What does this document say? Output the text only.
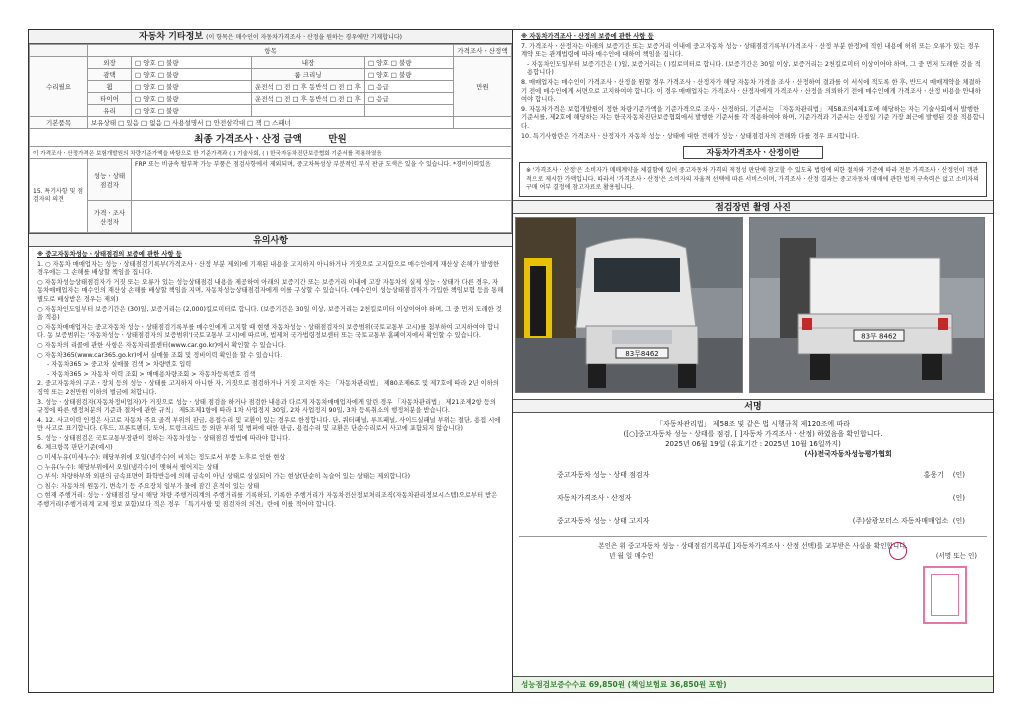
자동차 기타정보 (이 항목은 매수인이 자동차가격조사ㆍ산정을 원하는 경우에만 기재합니다)
	항목				가격조사ㆍ산정액
수리필요	외장	□ 양호 □ 불량	내장	□ 양호 □ 불량	만원
	광택	□ 양호 □ 불량	룸 크리닝	□ 양호 □ 불량	
	휠	□ 양호 □ 불량	운전석 □ 전 □ 후 동반석 □ 전 □ 후	□ 응급	
	타이어	□ 양호 □ 불량	운전석 □ 전 □ 후 동반석 □ 전 □ 후	□ 응급	
	유리	□ 양호 □ 불량			
기본품목	보유상태 □ 있음 □ 없음 □ 사용설명서 □ 안전삼각대 □ 잭 □ 스패너				
최종 가격조사ㆍ산정 금액 만원					
이 가격조사ㆍ산정가격은 보험개발원의 차량기준가액을 바탕으로 한 기준가격과 ( ) 기술사회, ( ) 한국자동차진단보증협회 기준서를 적용하였음					
15. 특기사항 및 점검자의 의견	성능ㆍ상태 점검자	FRP 또는 비금속 탑부착 가능 부품은 점검사항에서 제외되며, 중고차특성상 부분적인 부식 판금 도색은 있을 수 있습니다. *경비이력있음			
	가격ㆍ조사 산정자				
유의사항

※ 중고자동차성능ㆍ상태점검의 보증에 관한 사항 등

1. ○ 자동차 매매업자는 성능ㆍ상태점검기록부(가격조사ㆍ산정 부분 제외)에 기재된 내용을 고지하지 아니하거나 거짓으로 고지함으로 매수인에게 재산상 손해가 발생한 경우에는 그 손해를 배상할 책임을 집니다.

○ 자동차성능상태점검자가 거짓 또는 오류가 있는 성능상태점검 내용을 제공하여 아래의 보증기간 또는 보증거리 이내에 고장 자동차의 실제 성능ㆍ상태가 다른 경우, 자동차매매업자는 매수인의 재산상 손해를 배상할 책임을 지며, 자동차성능상태점검자에게 이를 구상할 수 있습니다. (매수인이 성능상태점검자가 가입한 책임보험 등을 통해 별도로 배상받은 경우는 제외)

○ 자동차인도일부터 보증기간은 (30)일, 보증거리는 (2,000)킬로미터로 합니다. (보증기간은 30일 이상, 보증거리는 2천킬로미터 이상이어야 하며, 그 중 먼저 도래한 것을 적용)

○ 자동차매매업자는 중고자동차 성능ㆍ상태점검기록부를 매수인에게 고지할 때 현행 자동차성능ㆍ상태점검자의 보증범위(국토교통부 고시)를 첨부하여 고지하여야 합니다. 동 보증범위는 '자동차성능ㆍ상태점검자의 보증범위'(국토교통부 고시)에 따르며, 법제처 국가법령정보센터 또는 국토교통부 홈페이지에서 확인할 수 있습니다.

○ 자동차의 리콜에 관한 사항은 자동차리콜센터(www.car.go.kr)에서 확인할 수 있습니다.

○ 자동차365(www.car365.go.kr)에서 실매물 조회 및 정비이력 확인을 할 수 있습니다.

- 자동차365 > 중고차 실매물 검색 > 차량번호 입력

- 자동차365 > 자동차 이력 조회 > 매매용차량조회 > 자동차등록번호 검색

2. 중고자동차의 구조ㆍ장치 등의 성능ㆍ상태를 고지하지 아니한 자, 거짓으로 점검하거나 거짓 고지한 자는 「자동차관리법」 제80조제6호 및 제7호에 따라 2년 이하의 징역 또는 2천만원 이하의 벌금에 처합니다.

3. 성능ㆍ상태점검자(자동차정비업자)가 거짓으로 성능ㆍ상태 점검을 하거나 점검한 내용과 다르게 자동차매매업자에게 알린 경우 「자동차관리법」 제21조제2항 등의 규정에 따른 행정처분의 기준과 절차에 관한 규칙」 제5조제1항에 따라 1차 사업정지 30일, 2차 사업정지 90일, 3차 등록취소의 행정처분을 받습니다.

4. 12. 사고이력 인정은 사고로 자동차 주요 골격 부위의 판금, 용접수리 및 교환이 있는 경우로 한정합니다. 단, 쿼터패널, 루프패널, 사이드실패널 부위는 절단, 용접 시에만 사고로 표기합니다. (후드, 프론트펜더, 도어, 트렁크리드 등 외판 부위 및 범퍼에 대한 판금, 용접수리 및 교환은 단순수리로서 사고에 포함되지 않습니다)

5. 성능ㆍ상태점검은 국토교통부장관이 정하는 자동차성능ㆍ상태점검 방법에 따라야 합니다.

6. 체크항목 판단기준(예시)

○ 미세누유(미세누수): 해당부위에 오일(냉각수)이 비치는 정도로서 부품 노후로 인한 현상

○ 누유(누수): 해당부위에서 오일(냉각수)이 맺혀서 떨어지는 상태

○ 부식: 차량하부와 외판의 금속표면이 화학반응에 의해 금속이 아닌 상태로 상실되어 가는 현상(단순히 녹슬어 있는 상태는 제외합니다)

○ 침수: 자동차의 원동기, 변속기 등 주요장치 일부가 물에 잠긴 흔적이 있는 상태

○ 현재 주행거리: 성능ㆍ상태점검 당시 해당 차량 주행거리계의 주행거리를 기록하되, 기록한 주행거리가 자동차전산정보처리조직(자동차관리정보시스템)으로부터 받은 주행거리(주행거리계 교체 정보 포함)보다 적은 경우 「특기사항 및 점검자의 의견」란에 이를 적어야 합니다.

※ 자동차가격조사ㆍ산정의 보증에 관한 사항 등

7. 가격조사ㆍ산정자는 아래의 보증기간 또는 보증거리 이내에 중고자동차 성능ㆍ상태점검기록부(가격조사ㆍ산정 부분 한정)에 적힌 내용에 허위 또는 오류가 있는 경우 계약 또는 관계법령에 따라 매수인에 대하여 책임을 집니다.

- 자동차인도일부터 보증기간은 ( )일, 보증거리는 ( )킬로미터로 합니다. (보증기간은 30일 이상, 보증거리는 2천킬로미터 이상이어야 하며, 그 중 먼저 도래한 것을 적용합니다)

8. 매매업자는 매수인이 가격조사ㆍ산정을 원할 경우 가격조사ㆍ산정자가 해당 자동차 가격을 조사ㆍ산정하여 결과를 이 서식에 적도록 한 후, 반드시 매매계약을 체결하기 전에 매수인에게 서면으로 고지하여야 합니다. 이 경우 매매업자는 가격조사ㆍ산정자에게 가격조사ㆍ산정을 의뢰하기 전에 매수인에게 가격조사ㆍ산정 비용을 안내하여야 합니다.

9. 자동차가격은 보험개발원이 정한 차량기준가액을 기준가격으로 조사ㆍ산정하되, 기준서는 「자동차관리법」 제58조의4제1호에 해당하는 자는 기술사회에서 발행한 기준서를, 제2호에 해당하는 자는 한국자동차진단보증협회에서 발행한 기준서를 각 적용하여야 하며, 기준가격과 기준서는 산정일 기준 가장 최근에 발행된 것을 적용합니다.

10. 특기사항란은 가격조사ㆍ산정자가 자동차 성능ㆍ상태에 대한 견해가 성능ㆍ상태점검자의 견해와 다를 경우 표시합니다.

자동차가격조사ㆍ산정이란
※ '가격조사ㆍ산정'은 소비자가 매매계약을 체결함에 있어 중고자동차 가격의 적정성 판단에 참고할 수 있도록 법령에 의한 절차와 기준에 따라 전문 가격조사ㆍ산정인이 객관적으로 제시한 가액입니다. 따라서 '가격조사ㆍ산정'은 소비자의 자율적 선택에 따른 서비스이며, 가격조사ㆍ산정 결과는 중고자동차 매매에 관한 법적 구속력은 없고 소비자의 구매 여부 결정에 참고자료로 활용됩니다.
점검장면 촬영 사진
83무8462
83무 8462
서명
「자동차관리법」 제58조 및 같은 법 시행규칙 제120조에 따라
([○]중고자동차 성능ㆍ상태를 점검, [ ]자동차 가격조사ㆍ산정) 하였음을 확인합니다.
2025년 06월 19일 (유효기간 : 2025년 10월 16일까지)
(사)전국자동차성능평가협회
중고자동차 성능ㆍ상태 점검자	홍웅기 (인)
자동차가격조사ㆍ산정자	(인)
중고자동차 성능ㆍ상태 고지자	(주)삼광모터스 자동차매매업소 (인)
본인은 위 중고자동차 성능ㆍ상태점검기록부([ ]자동차가격조사ㆍ산정 선택)를 교부받은 사실을 확인합니다.
년 월 일 매수인	(서명 또는 인)
성능점검보증수수료 69,850원 (책임보험료 36,850원 포함)
